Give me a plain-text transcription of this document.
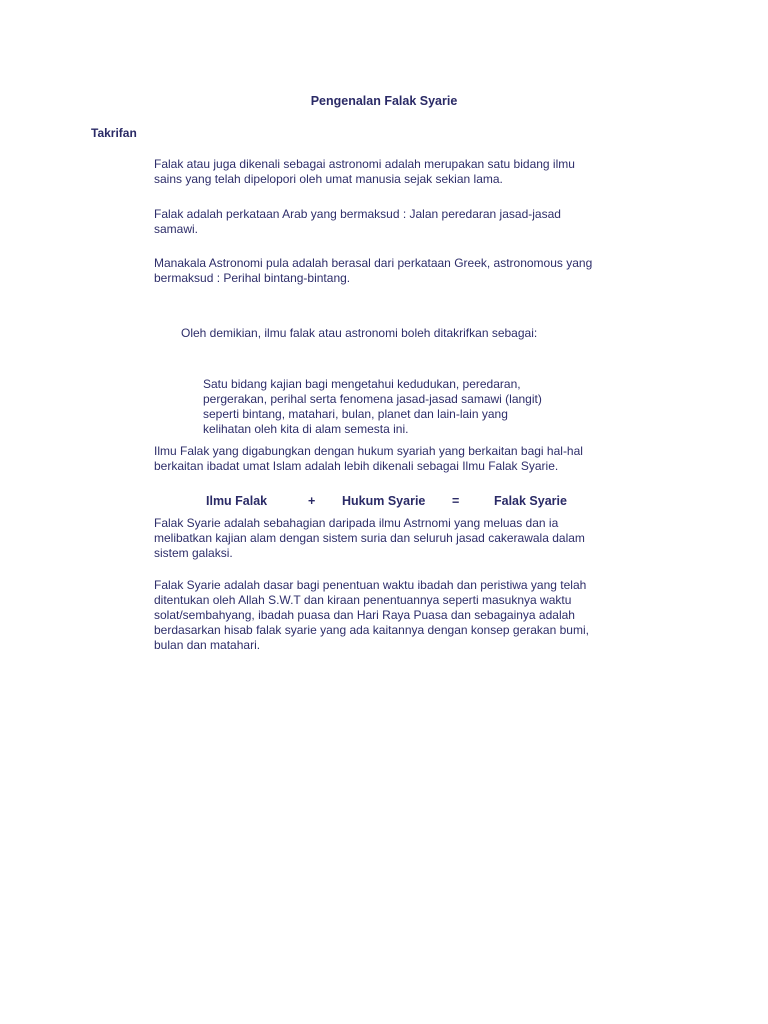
Pengenalan Falak Syarie
Takrifan
Falak atau juga dikenali sebagai astronomi adalah merupakan satu bidang ilmu
sains yang telah dipelopori oleh umat manusia sejak sekian lama.
Falak adalah perkataan Arab yang bermaksud : Jalan peredaran jasad-jasad
samawi.
Manakala Astronomi pula adalah berasal dari perkataan Greek, astronomous yang
bermaksud : Perihal bintang-bintang.
Oleh demikian, ilmu falak atau astronomi boleh ditakrifkan sebagai:
Satu bidang kajian bagi mengetahui kedudukan, peredaran,
pergerakan, perihal serta fenomena jasad-jasad samawi (langit)
seperti bintang, matahari, bulan, planet dan lain-lain yang
kelihatan oleh kita di alam semesta ini.
Ilmu Falak yang digabungkan dengan hukum syariah yang berkaitan bagi hal-hal
berkaitan ibadat umat Islam adalah lebih dikenali sebagai Ilmu Falak Syarie.
Ilmu Falak	+ Hukum Syarie =	Falak Syarie
Falak Syarie adalah sebahagian daripada ilmu Astrnomi yang meluas dan ia
melibatkan kajian alam dengan sistem suria dan seluruh jasad cakerawala dalam
sistem galaksi.
Falak Syarie adalah dasar bagi penentuan waktu ibadah dan peristiwa yang telah
ditentukan oleh Allah S.W.T dan kiraan penentuannya seperti masuknya waktu
solat/sembahyang, ibadah puasa dan Hari Raya Puasa dan sebagainya adalah
berdasarkan hisab falak syarie yang ada kaitannya dengan konsep gerakan bumi,
bulan dan matahari.
